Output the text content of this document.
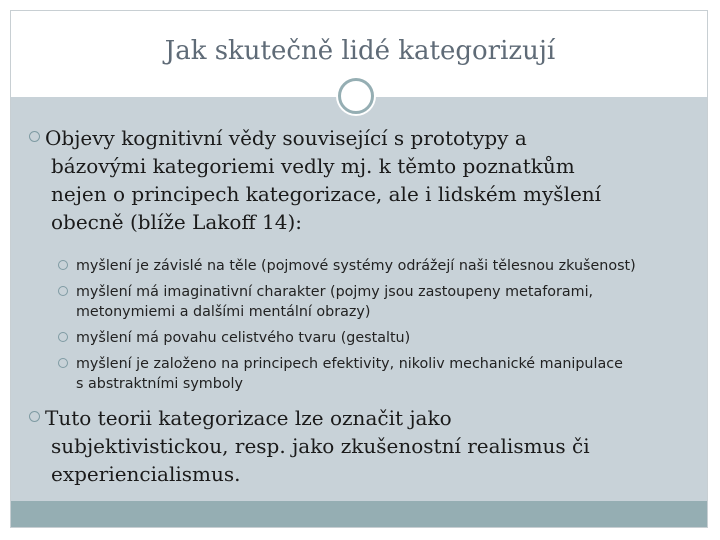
Jak skutečně lidé kategorizují
Objevy kognitivní vědy související s prototypy a
bázovými kategoriemi vedly mj. k těmto poznatkům
nejen o principech kategorizace, ale i lidském myšlení
obecně (blíže Lakoff 14):
myšlení je závislé na těle (pojmové systémy odrážejí naši tělesnou zkušenost)
myšlení má imaginativní charakter (pojmy jsou zastoupeny metaforami,
metonymiemi a dalšími mentální obrazy)
myšlení má povahu celistvého tvaru (gestaltu)
myšlení je založeno na principech efektivity, nikoliv mechanické manipulace
s abstraktními symboly
Tuto teorii kategorizace lze označit jako
subjektivistickou, resp. jako zkušenostní realismus či
experiencialismus.
